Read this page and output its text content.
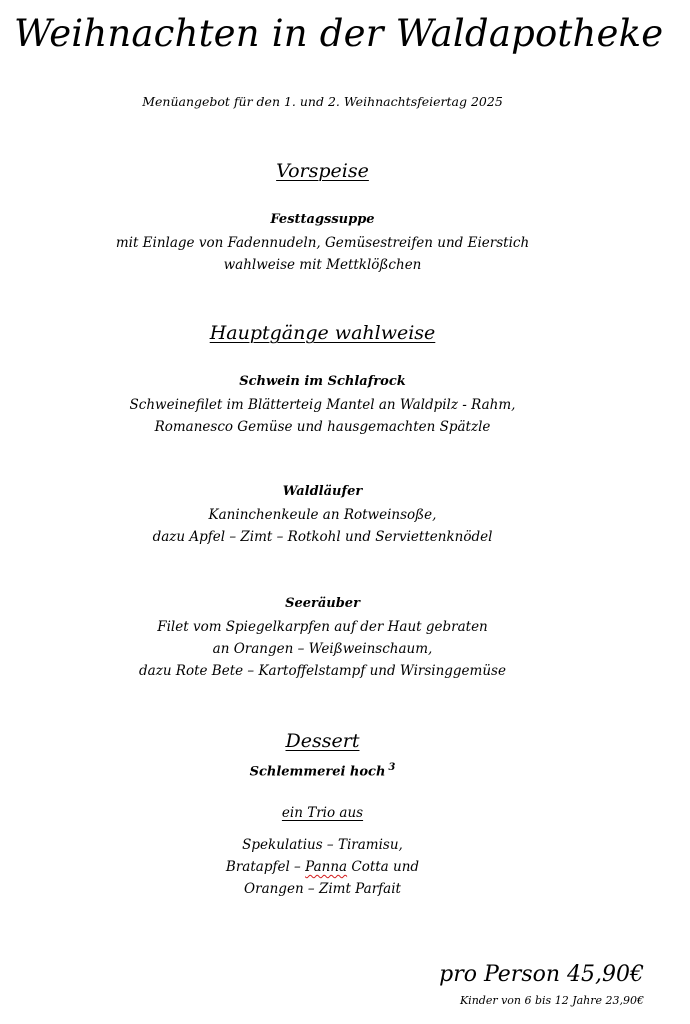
Weihnachten in der Waldapotheke
Menüangebot für den 1. und 2. Weihnachtsfeiertag 2025
Vorspeise
Festtagssuppe
mit Einlage von Fadennudeln, Gemüsestreifen und Eierstich
wahlweise mit Mettklößchen
Hauptgänge wahlweise
Schwein im Schlafrock
Schweinefilet im Blätterteig Mantel an Waldpilz - Rahm,
Romanesco Gemüse und hausgemachten Spätzle
Waldläufer
Kaninchenkeule an Rotweinsoße,
dazu Apfel – Zimt – Rotkohl und Serviettenknödel
Seeräuber
Filet vom Spiegelkarpfen auf der Haut gebraten
an Orangen – Weißweinschaum,
dazu Rote Bete – Kartoffelstampf und Wirsinggemüse
Dessert
Schlemmerei hoch $^3$
ein Trio aus
Spekulatius – Tiramisu,
Bratapfel – Panna Cotta und
Orangen – Zimt Parfait
pro Person 45,90€
Kinder von 6 bis 12 Jahre 23,90€
